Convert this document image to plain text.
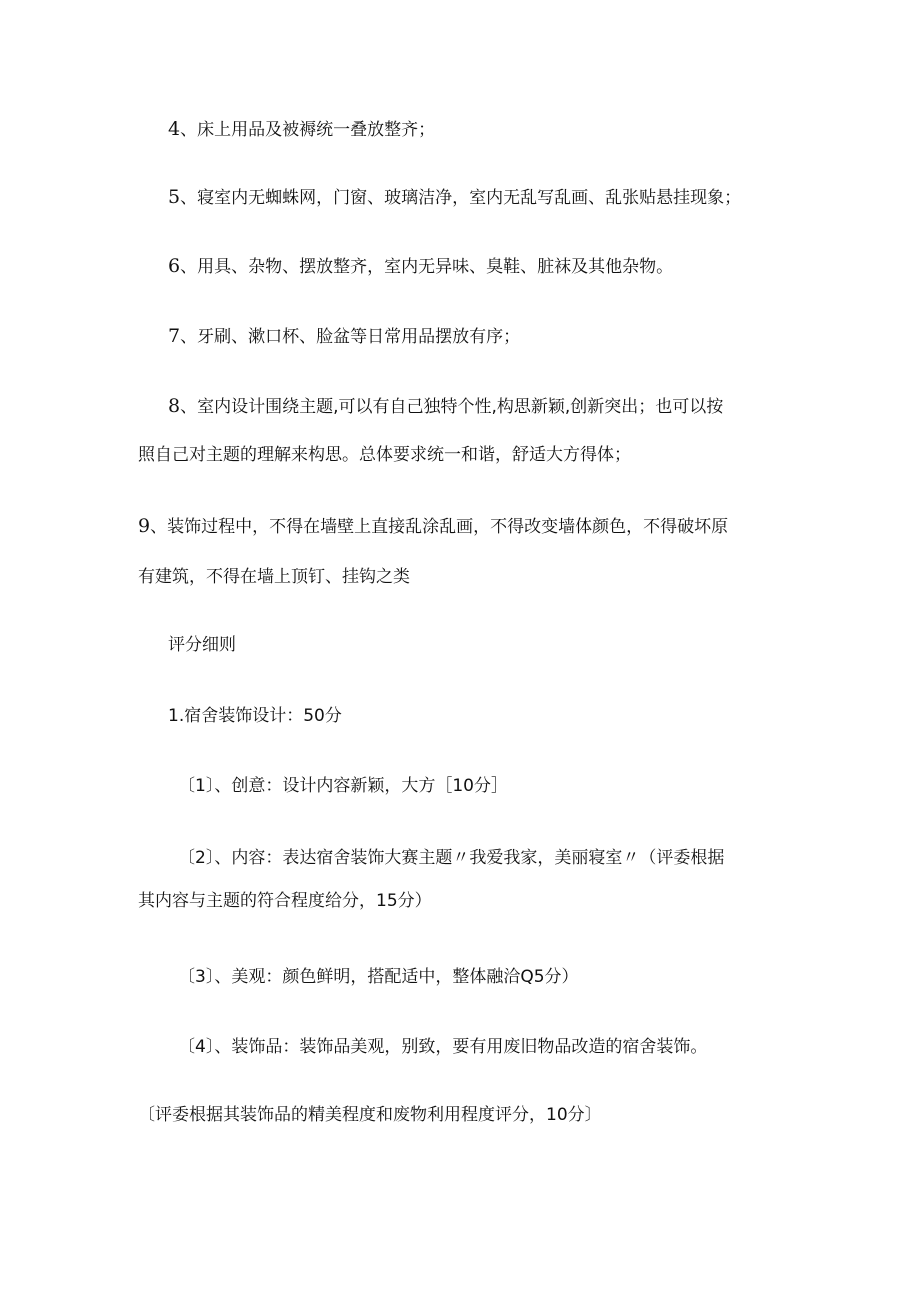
4、床上用品及被褥统一叠放整齐；
5、寝室内无蜘蛛网，门窗、玻璃洁净，室内无乱写乱画、乱张贴悬挂现象；
6、用具、杂物、摆放整齐，室内无异味、臭鞋、脏袜及其他杂物。
7、牙刷、漱口杯、脸盆等日常用品摆放有序；
8、室内设计围绕主题,可以有自己独特个性,构思新颖,创新突出；也可以按
照自己对主题的理解来构思。总体要求统一和谐，舒适大方得体；
9、装饰过程中，不得在墙壁上直接乱涂乱画，不得改变墙体颜色，不得破坏原
有建筑，不得在墙上顶钉、挂钩之类
评分细则
1.宿舍装饰设计：50分
〔1〕、创意：设计内容新颖，大方［10分］
〔2〕、内容：表达宿舍装饰大赛主题〃我爱我家，美丽寝室〃（评委根据
其内容与主题的符合程度给分，15分）
〔3〕、美观：颜色鲜明，搭配适中，整体融洽Q5分）
〔4〕、装饰品：装饰品美观，别致，要有用废旧物品改造的宿舍装饰。
〔评委根据其装饰品的精美程度和废物利用程度评分，10分〕
